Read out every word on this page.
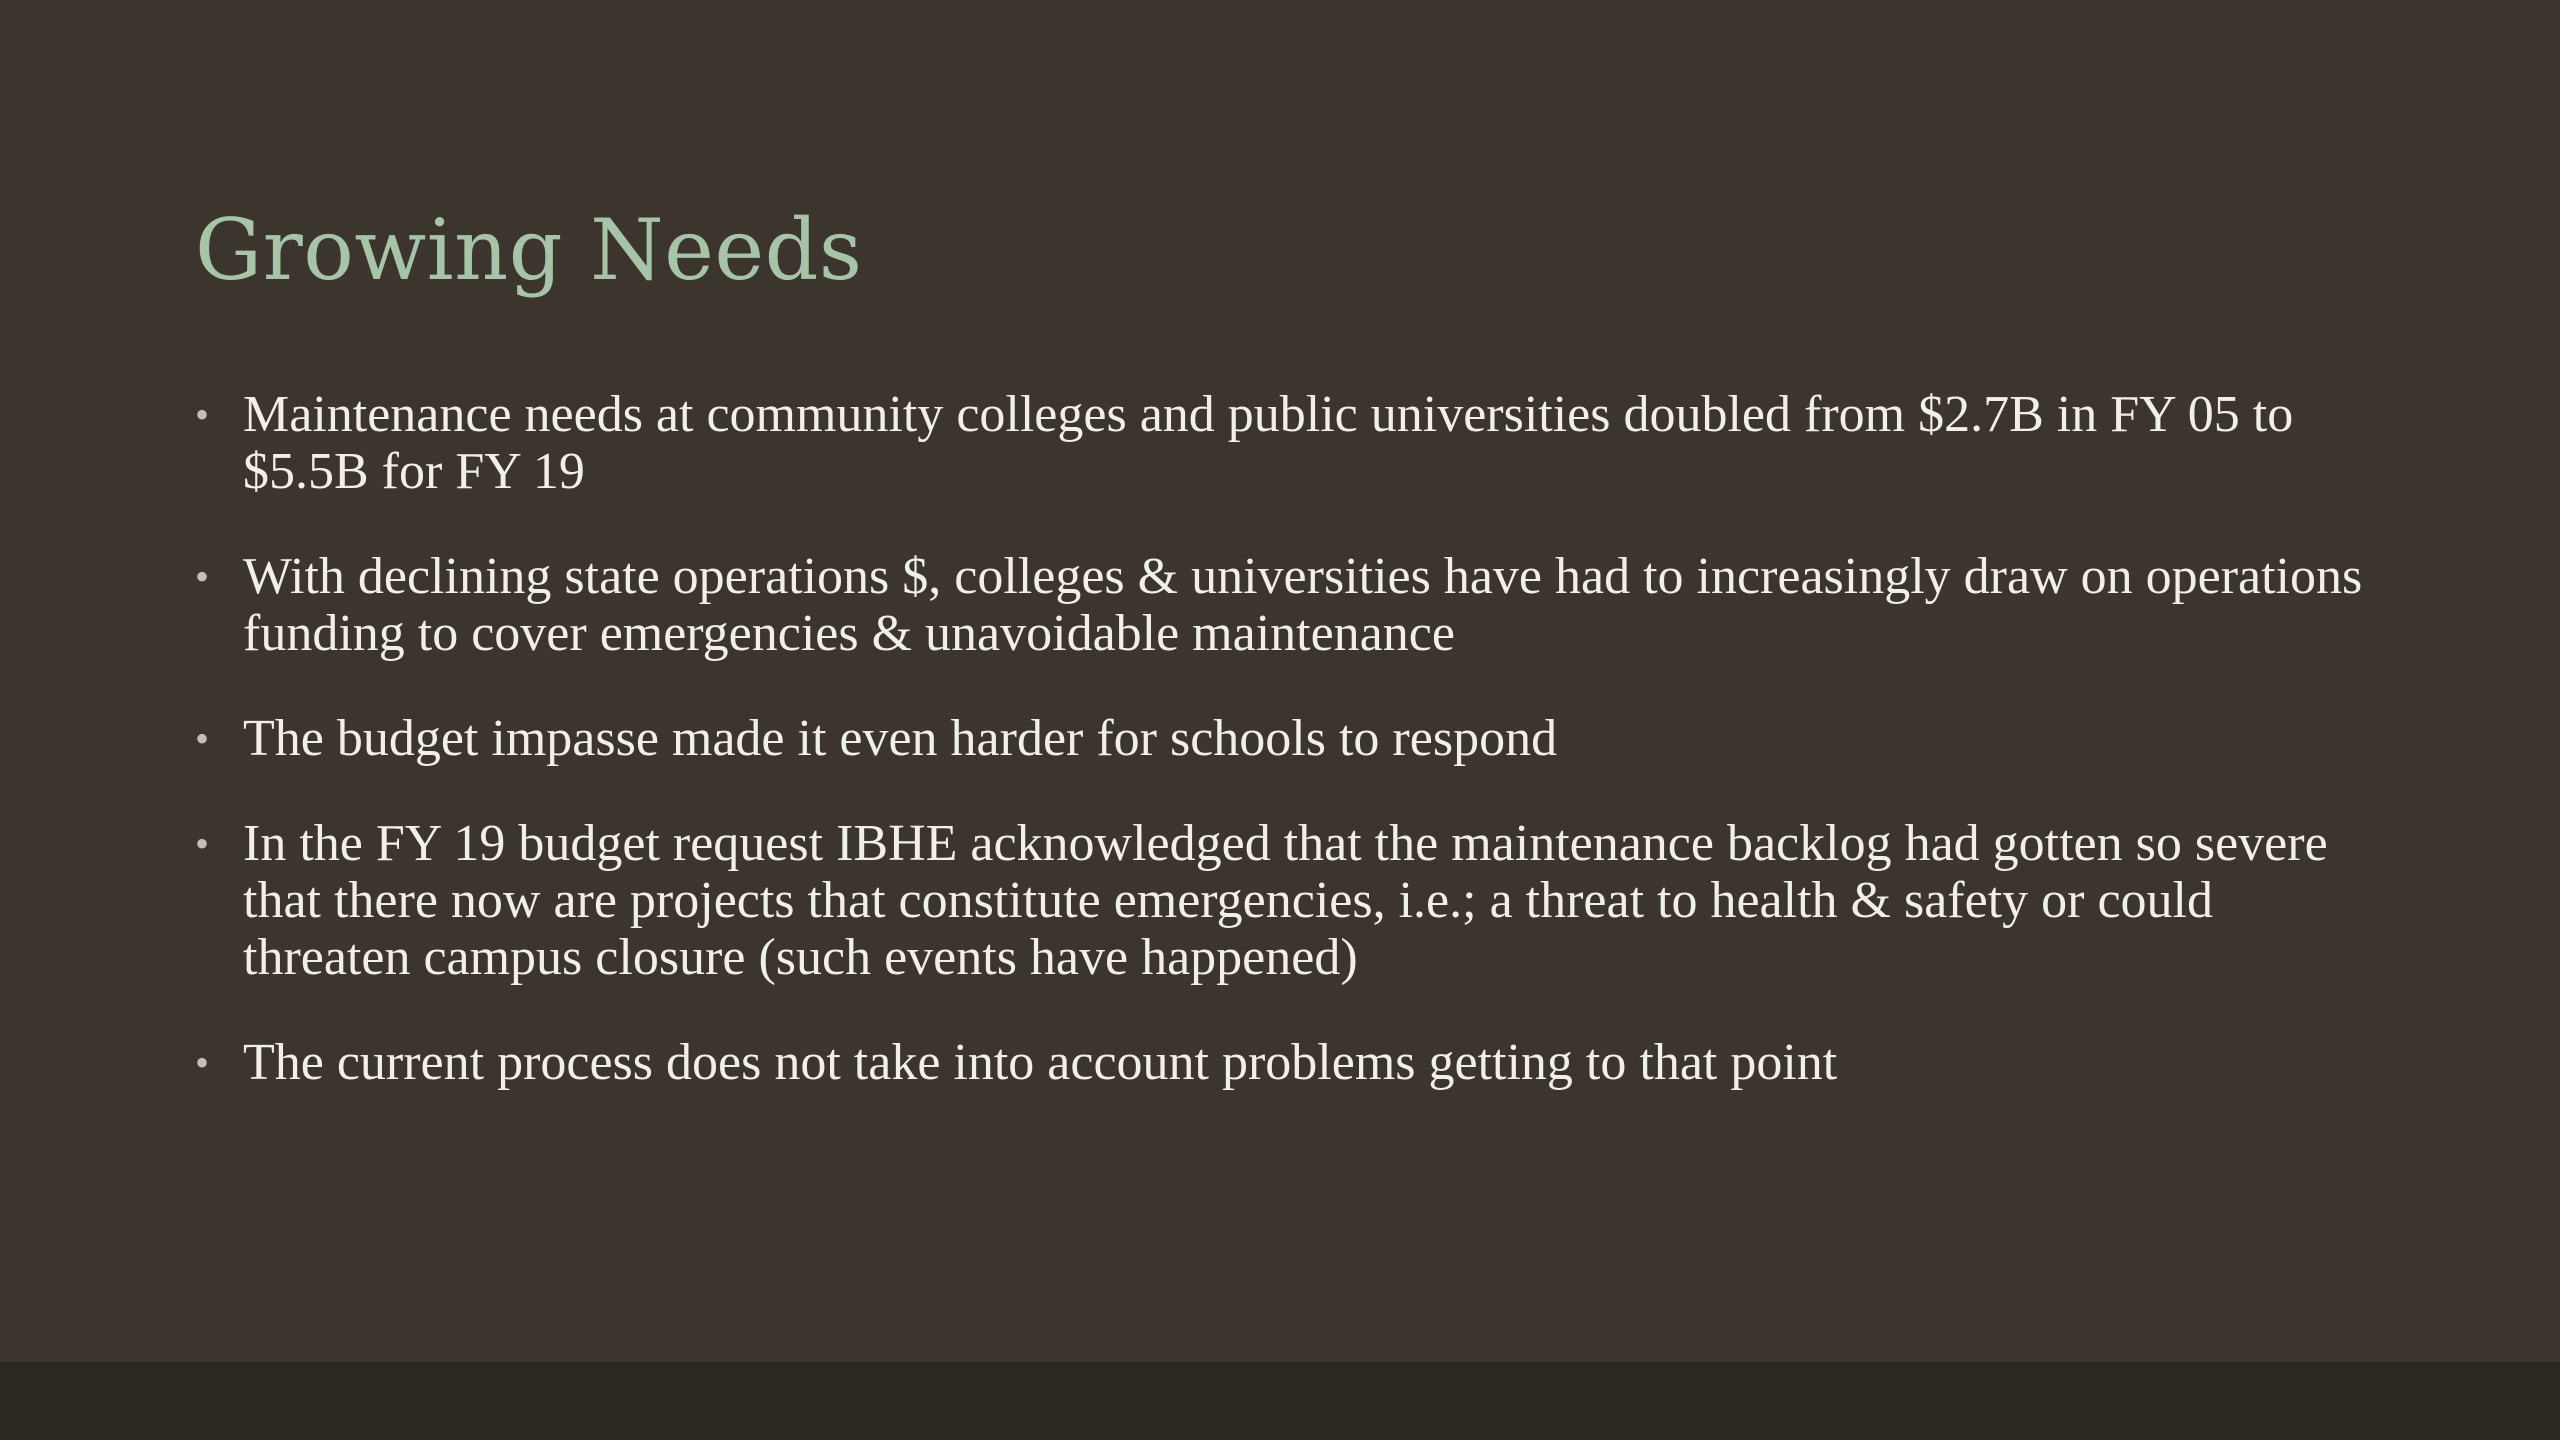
Growing Needs
• Maintenance needs at community colleges and public universities doubled from $2.7B in FY 05 to $5.5B for FY 19
• With declining state operations $, colleges & universities have had to increasingly draw on operations funding to cover emergencies & unavoidable maintenance
• The budget impasse made it even harder for schools to respond
• In the FY 19 budget request IBHE acknowledged that the maintenance backlog had gotten so severe that there now are projects that constitute emergencies, i.e.; a threat to health & safety or could threaten campus closure (such events have happened)
• The current process does not take into account problems getting to that point
